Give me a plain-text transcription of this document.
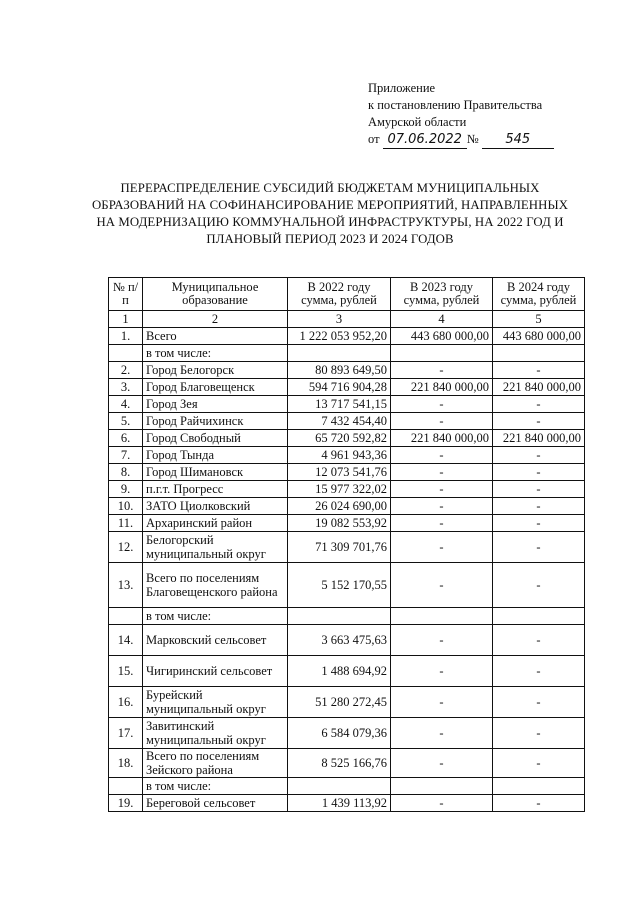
Приложение
к постановлению Правительства
Амурской области
от 07.06.2022 № 545
ПЕРЕРАСПРЕДЕЛЕНИЕ СУБСИДИЙ БЮДЖЕТАМ МУНИЦИПАЛЬНЫХ ОБРАЗОВАНИЙ НА СОФИНАНСИРОВАНИЕ МЕРОПРИЯТИЙ, НАПРАВЛЕННЫХ НА МОДЕРНИЗАЦИЮ КОММУНАЛЬНОЙ ИНФРАСТРУКТУРЫ, НА 2022 ГОД И ПЛАНОВЫЙ ПЕРИОД 2023 И 2024 ГОДОВ
№ п/п	Муниципальное образование	В 2022 году сумма, рублей	В 2023 году сумма, рублей	В 2024 году сумма, рублей
1	2	3	4	5
1.	Всего	1 222 053 952,20	443 680 000,00	443 680 000,00
	в том числе:			
2.	Город Белогорск	80 893 649,50	-	-
3.	Город Благовещенск	594 716 904,28	221 840 000,00	221 840 000,00
4.	Город Зея	13 717 541,15	-	-
5.	Город Райчихинск	7 432 454,40	-	-
6.	Город Свободный	65 720 592,82	221 840 000,00	221 840 000,00
7.	Город Тында	4 961 943,36	-	-
8.	Город Шимановск	12 073 541,76	-	-
9.	п.г.т. Прогресс	15 977 322,02	-	-
10.	ЗАТО Циолковский	26 024 690,00	-	-
11.	Архаринский район	19 082 553,92	-	-
12.	Белогорский муниципальный округ	71 309 701,76	-	-
13.	Всего по поселениям Благовещенского района	5 152 170,55	-	-
	в том числе:			
14.	Марковский сельсовет	3 663 475,63	-	-
15.	Чигиринский сельсовет	1 488 694,92	-	-
16.	Бурейский муниципальный округ	51 280 272,45	-	-
17.	Завитинский муниципальный округ	6 584 079,36	-	-
18.	Всего по поселениям Зейского района	8 525 166,76	-	-
	в том числе:			
19.	Береговой сельсовет	1 439 113,92	-	-
